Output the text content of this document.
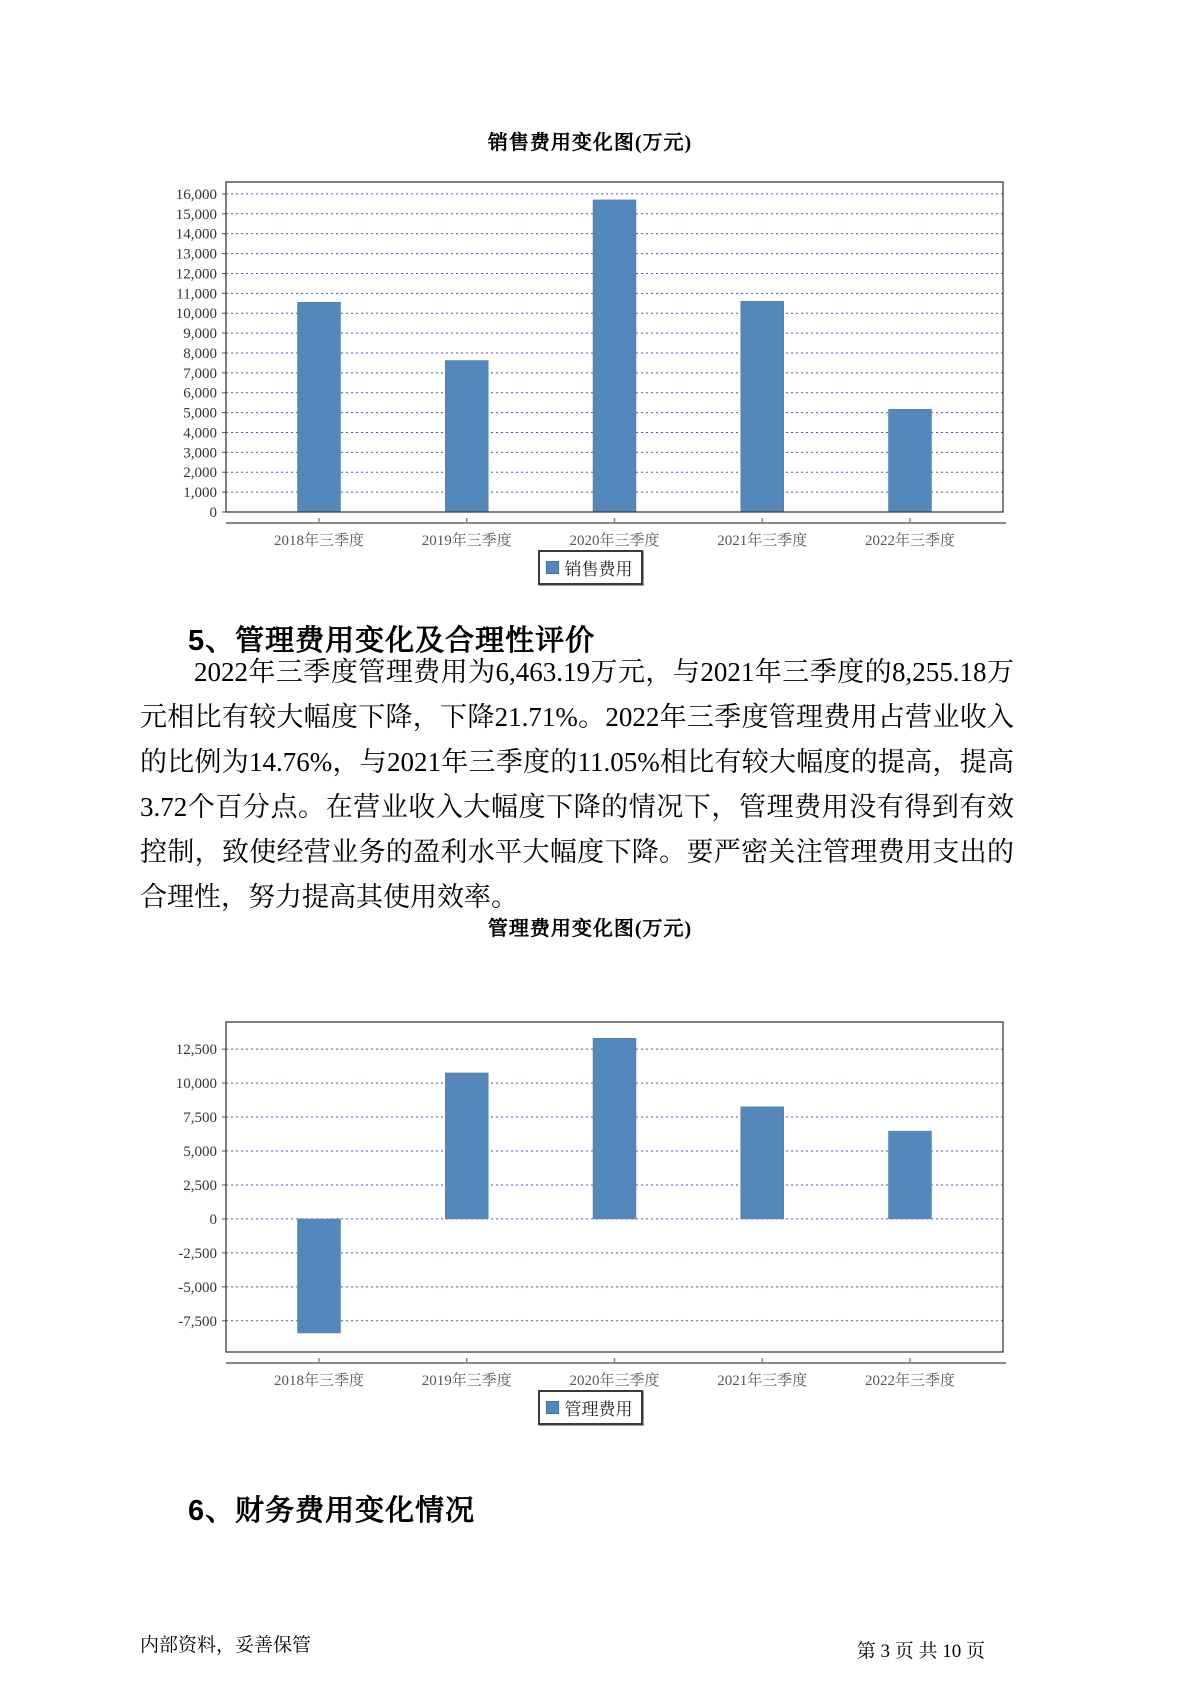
销售费用变化图(万元)
0
1,000
2,000
3,000
4,000
5,000
6,000
7,000
8,000
9,000
10,000
11,000
12,000
13,000
14,000
15,000
16,000
2018年三季度	2019年三季度	2020年三季度	2021年三季度	2022年三季度
销售费用
5、管理费用变化及合理性评价
2022年三季度管理费用为6,463.19万元，与2021年三季度的8,255.18万元相比有较大幅度下降，下降21.71%。2022年三季度管理费用占营业收入的比例为14.76%，与2021年三季度的11.05%相比有较大幅度的提高，提高3.72个百分点。在营业收入大幅度下降的情况下，管理费用没有得到有效控制，致使经营业务的盈利水平大幅度下降。要严密关注管理费用支出的合理性，努力提高其使用效率。
管理费用变化图(万元)
-7,500
-5,000
-2,500
0
2,500
5,000
7,500
10,000
12,500
2018年三季度	2019年三季度	2020年三季度	2021年三季度	2022年三季度
管理费用
6、财务费用变化情况
内部资料，妥善保管	第 3 页 共 10 页
